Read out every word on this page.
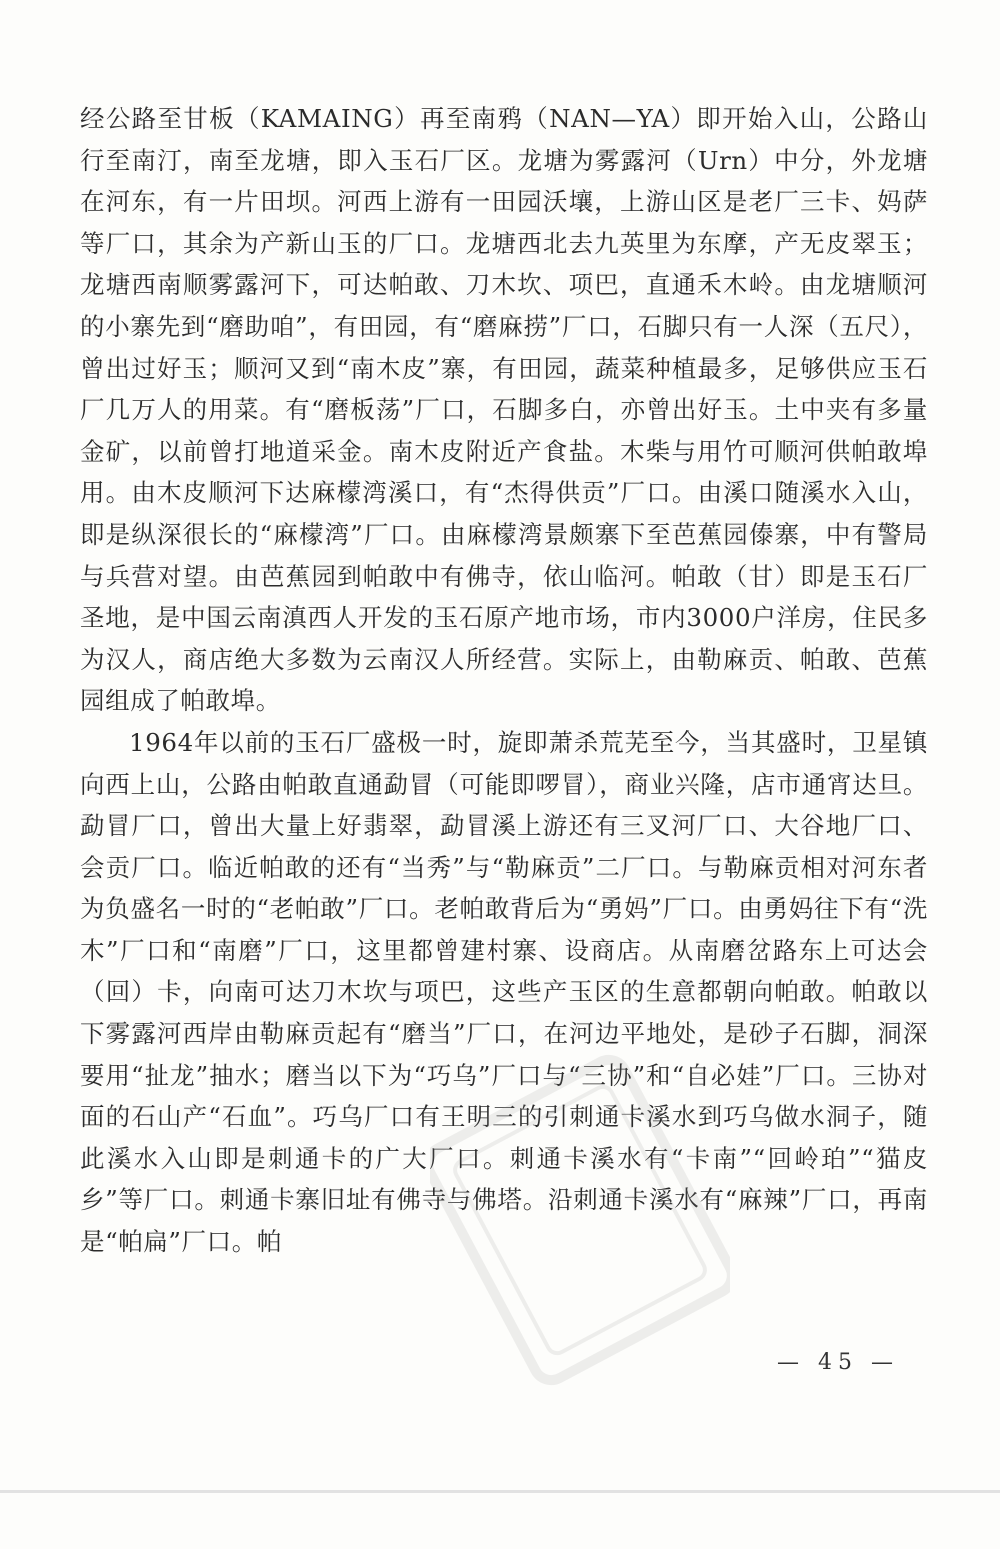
经公路至甘板（KAMAING）再至南鸦（NAN—YA）即开始入山，公路山行至南汀，南至龙塘，即入玉石厂区。龙塘为雾露河（Urn）中分，外龙塘在河东，有一片田坝。河西上游有一田园沃壤，上游山区是老厂三卡、妈萨等厂口，其余为产新山玉的厂口。龙塘西北去九英里为东摩，产无皮翠玉；龙塘西南顺雾露河下，可达帕敢、刀木坎、项巴，直通禾木岭。由龙塘顺河的小寨先到“磨助咱”，有田园，有“磨麻捞”厂口，石脚只有一人深（五尺），曾出过好玉；顺河又到“南木皮”寨，有田园，蔬菜种植最多，足够供应玉石厂几万人的用菜。有“磨板荡”厂口，石脚多白，亦曾出好玉。土中夹有多量金矿，以前曾打地道采金。南木皮附近产食盐。木柴与用竹可顺河供帕敢埠用。由木皮顺河下达麻檬湾溪口，有“杰得供贡”厂口。由溪口随溪水入山，即是纵深很长的“麻檬湾”厂口。由麻檬湾景颇寨下至芭蕉园傣寨，中有警局与兵营对望。由芭蕉园到帕敢中有佛寺，依山临河。帕敢（甘）即是玉石厂圣地，是中国云南滇西人开发的玉石原产地市场，市内3000户洋房，住民多为汉人，商店绝大多数为云南汉人所经营。实际上，由勒麻贡、帕敢、芭蕉园组成了帕敢埠。

1964年以前的玉石厂盛极一时，旋即萧杀荒芜至今，当其盛时，卫星镇向西上山，公路由帕敢直通勐冒（可能即啰冒），商业兴隆，店市通宵达旦。勐冒厂口，曾出大量上好翡翠，勐冒溪上游还有三叉河厂口、大谷地厂口、会贡厂口。临近帕敢的还有“当秀”与“勒麻贡”二厂口。与勒麻贡相对河东者为负盛名一时的“老帕敢”厂口。老帕敢背后为“勇妈”厂口。由勇妈往下有“洗木”厂口和“南磨”厂口，这里都曾建村寨、设商店。从南磨岔路东上可达会（回）卡，向南可达刀木坎与项巴，这些产玉区的生意都朝向帕敢。帕敢以下雾露河西岸由勒麻贡起有“磨当”厂口，在河边平地处，是砂子石脚，洞深要用“扯龙”抽水；磨当以下为“巧乌”厂口与“三协”和“自必娃”厂口。三协对面的石山产“石血”。巧乌厂口有王明三的引刺通卡溪水到巧乌做水洞子，随此溪水入山即是刺通卡的广大厂口。刺通卡溪水有“卡南”“回岭珀”“猫皮乡”等厂口。刺通卡寨旧址有佛寺与佛塔。沿刺通卡溪水有“麻辣”厂口，再南是“帕扁”厂口。帕

— 45 —
